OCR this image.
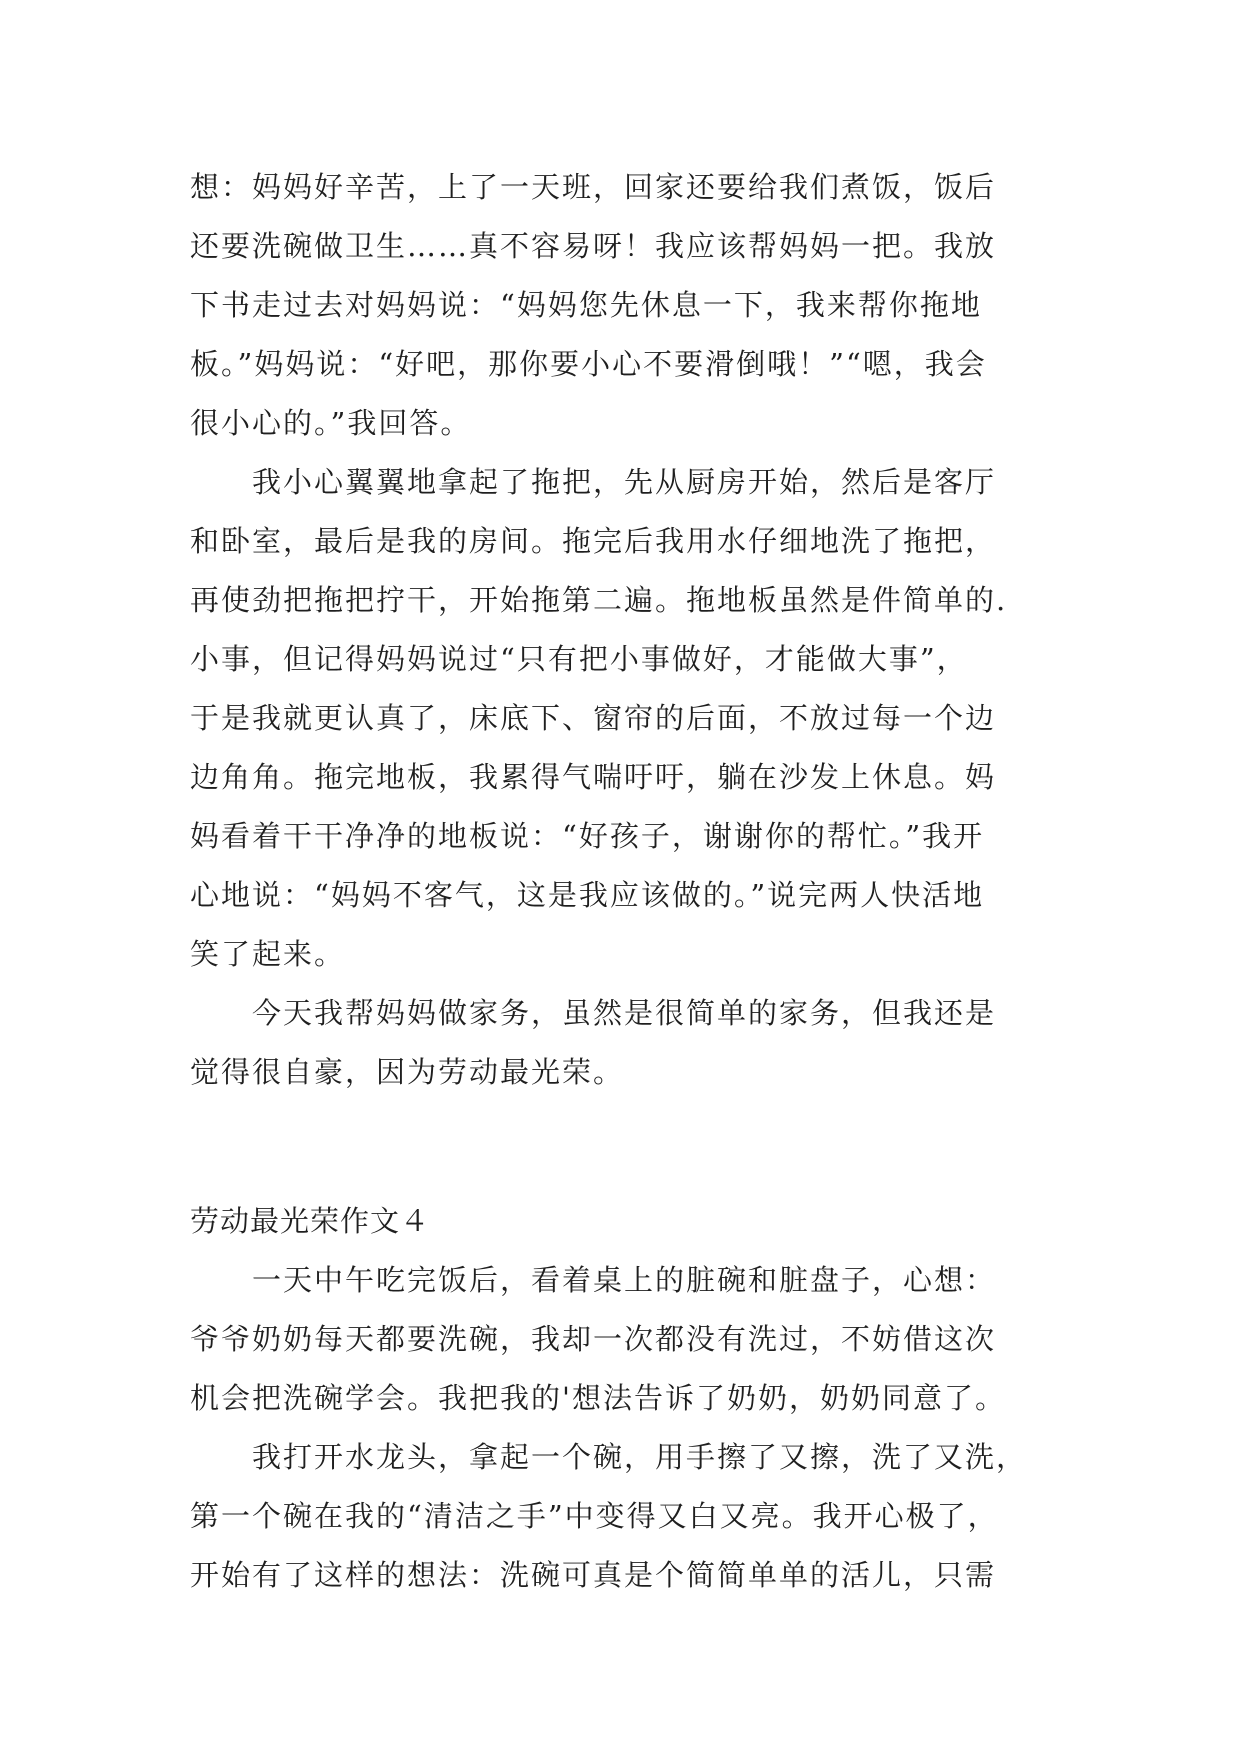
想：妈妈好辛苦，上了一天班，回家还要给我们煮饭，饭后
还要洗碗做卫生……真不容易呀！我应该帮妈妈一把。我放
下书走过去对妈妈说：“妈妈您先休息一下，我来帮你拖地
板。”妈妈说：“好吧，那你要小心不要滑倒哦！”“嗯，我会
很小心的。”我回答。
我小心翼翼地拿起了拖把，先从厨房开始，然后是客厅
和卧室，最后是我的房间。拖完后我用水仔细地洗了拖把，
再使劲把拖把拧干，开始拖第二遍。拖地板虽然是件简单的.
小事，但记得妈妈说过“只有把小事做好，才能做大事”，
于是我就更认真了，床底下、窗帘的后面，不放过每一个边
边角角。拖完地板，我累得气喘吁吁，躺在沙发上休息。妈
妈看着干干净净的地板说：“好孩子，谢谢你的帮忙。”我开
心地说：“妈妈不客气，这是我应该做的。”说完两人快活地
笑了起来。
今天我帮妈妈做家务，虽然是很简单的家务，但我还是
觉得很自豪，因为劳动最光荣。
劳动最光荣作文４
一天中午吃完饭后，看着桌上的脏碗和脏盘子，心想：
爷爷奶奶每天都要洗碗，我却一次都没有洗过，不妨借这次
机会把洗碗学会。我把我的'想法告诉了奶奶，奶奶同意了。
我打开水龙头，拿起一个碗，用手擦了又擦，洗了又洗，
第一个碗在我的“清洁之手”中变得又白又亮。我开心极了，
开始有了这样的想法：洗碗可真是个简简单单的活儿，只需
